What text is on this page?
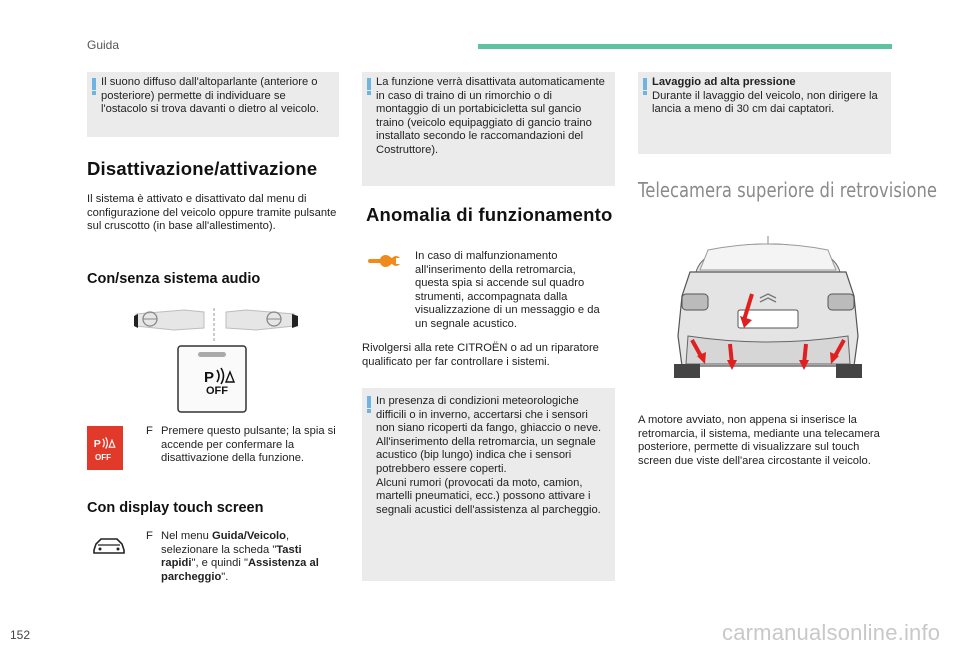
Guida
Il suono diffuso dall'altoparlante (anteriore o posteriore) permette di individuare se l'ostacolo si trova davanti o dietro al veicolo.
Disattivazione/attivazione
Il sistema è attivato e disattivato dal menu di configurazione del veicolo oppure tramite pulsante sul cruscotto (in base all'allestimento).
Con/senza sistema audio
P
OFF
P
OFF
F Premere questo pulsante; la spia si accende per confermare la disattivazione della funzione.
Con display touch screen
F Nel menu Guida/Veicolo, selezionare la scheda "Tasti rapidi", e quindi "Assistenza al parcheggio".
La funzione verrà disattivata automaticamente in caso di traino di un rimorchio o di montaggio di un portabicicletta sul gancio traino (veicolo equipaggiato di gancio traino installato secondo le raccomandazioni del Costruttore).
Anomalia di funzionamento
In caso di malfunzionamento all'inserimento della retromarcia, questa spia si accende sul quadro strumenti, accompagnata dalla visualizzazione di un messaggio e da un segnale acustico.
Rivolgersi alla rete CITROËN o ad un riparatore qualificato per far controllare i sistemi.
In presenza di condizioni meteorologiche difficili o in inverno, accertarsi che i sensori non siano ricoperti da fango, ghiaccio o neve.
All'inserimento della retromarcia, un segnale acustico (bip lungo) indica che i sensori potrebbero essere coperti.
Alcuni rumori (provocati da moto, camion, martelli pneumatici, ecc.) possono attivare i segnali acustici dell'assistenza al parcheggio.
Lavaggio ad alta pressione
Durante il lavaggio del veicolo, non dirigere la lancia a meno di 30 cm dai captatori.
Telecamera superiore di retrovisione
A motore avviato, non appena si inserisce la retromarcia, il sistema, mediante una telecamera posteriore, permette di visualizzare sul touch screen due viste dell'area circostante il veicolo.
152	carmanualsonline.info
